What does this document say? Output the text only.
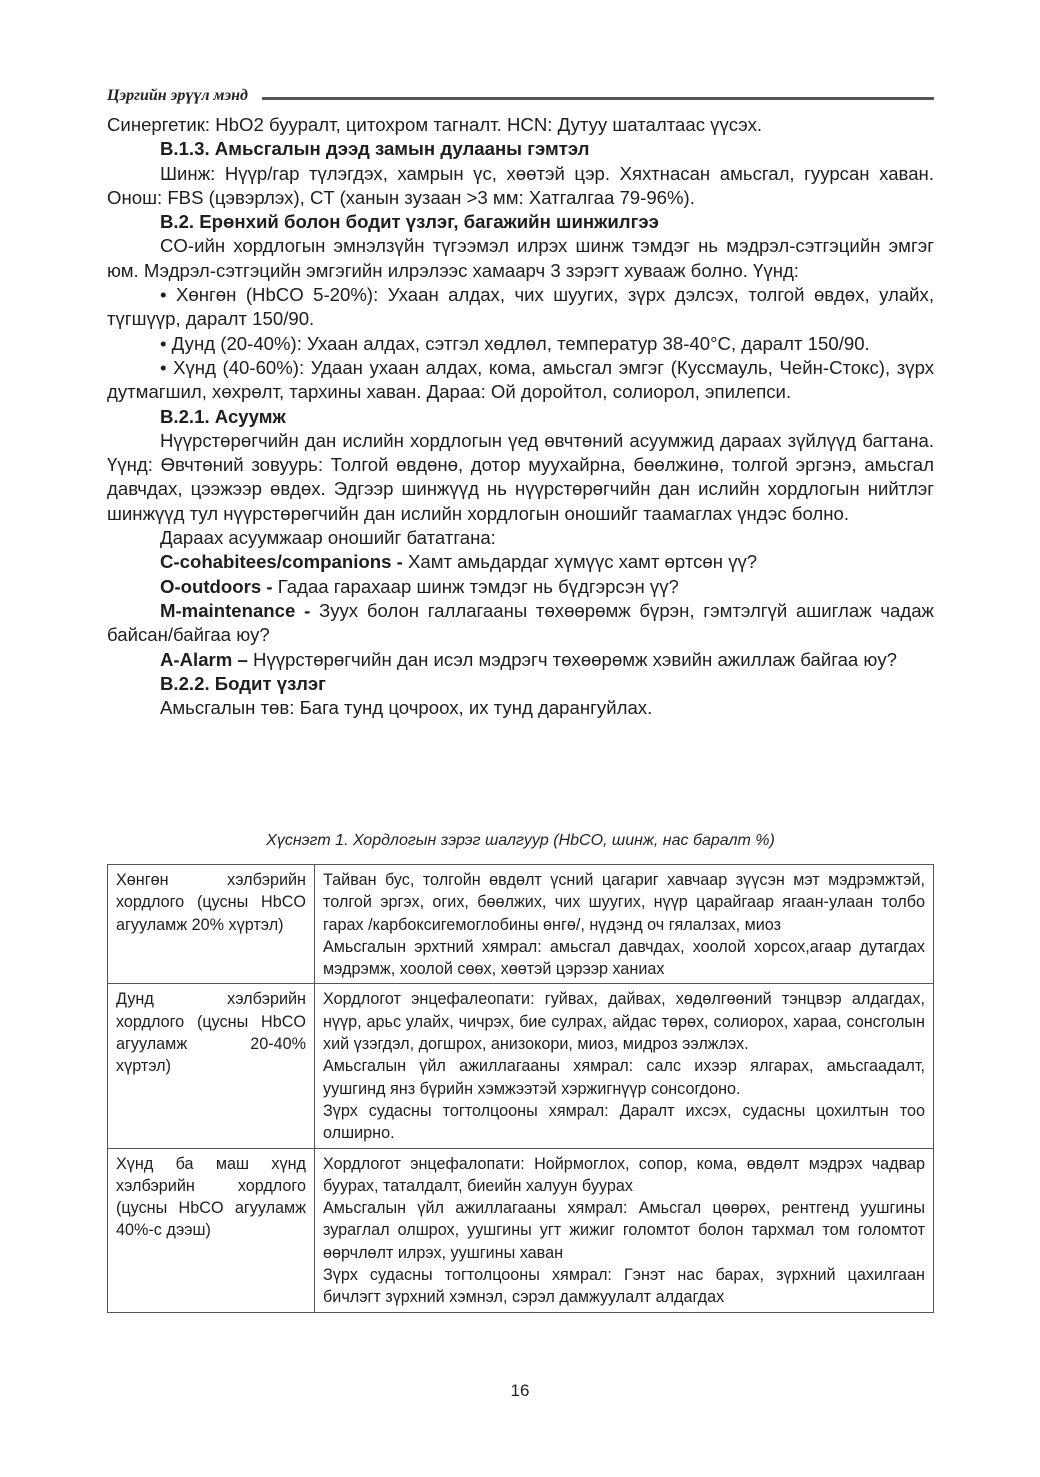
Цэргийн эрүүл мэнд

Синергетик: HbO2 буурaлт, цитохром тагналт. HCN: Дутуу шаталтаас үүсэх.

B.1.3. Амьсгалын дээд замын дулааны гэмтэл

Шинж: Нүүр/гар түлэгдэх, хамрын үс, хөөтэй цэр. Хяхтнасан амьсгал, гуурсан хаван. Онош: FBS (цэвэрлэх), CT (ханын зузаан >3 мм: Хатгалгаа 79-96%).

B.2. Ерөнхий болон бодит үзлэг, багажийн шинжилгээ

CO-ийн хордлогын эмнэлзүйн түгээмэл илрэх шинж тэмдэг нь мэдрэл-сэтгэцийн эмгэг юм. Мэдрэл-сэтгэцийн эмгэгийн илрэлээс хамаарч 3 зэрэгт хуваaж болно. Үүнд:

• Хөнгөн (HbCO 5-20%): Ухаан алдах, чих шуугих, зүрх дэлсэх, толгой өвдөх, улайх, түгшүүр, даралт 150/90.

• Дунд (20-40%): Ухаан алдах, сэтгэл хөдлөл, температур 38-40°C, даралт 150/90.

• Хүнд (40-60%): Удаан ухаан алдах, кома, амьсгал эмгэг (Куссмауль, Чейн-Стокс), зүрх дутмагшил, хөхрөлт, тархины хаван. Дараа: Ой доройтол, солиорол, эпилепси.

B.2.1. Асуумж

Нүүрстөрөгчийн дан ислийн хордлогын үед өвчтөний асуумжид дараах зүйлүүд багтана. Үүнд: Өвчтөний зовуурь: Толгой өвдөнө, дотор муухайрна, бөөлжинө, толгой эргэнэ, амьсгал давчдах, цээжээр өвдөх. Эдгээр шинжүүд нь нүүрстөрөгчийн дан ислийн хордлогын нийтлэг шинжүүд тул нүүрстөрөгчийн дан ислийн хордлогын оношийг таамаглах үндэс болно.

Дараах асуумжаар оношийг бататгана:

C-cohabitees/companions - Хамт амьдардаг хүмүүс хамт өртсөн үү?

O-outdoors - Гадаа гарахаар шинж тэмдэг нь бүдгэрсэн үү?

M-maintenance - Зуух болон галлагааны төхөөрөмж бүрэн, гэмтэлгүй ашиглаж чадаж байсан/байгаа юу?

A-Alarm – Нүүрстөрөгчийн дан исэл мэдрэгч төхөөрөмж хэвийн ажиллаж байгаа юу?

B.2.2. Бодит үзлэг

Амьсгалын төв: Бага тунд цочроох, их тунд дарангуйлах.

Хүснэгт 1. Хордлогын зэрэг шалгуур (HbCO, шинж, нас баралт %)
Хөнгөн хэлбэрийн хордлого (цусны HbCO агууламж 20% хүртэл)	Тайван бус, толгойн өвдөлт үсний цагариг хавчаар зүүсэн мэт мэдрэмжтэй, толгой эргэх, огих, бөөлжих, чих шуугих, нүүр царайгаар ягаан-улаан толбо гарах /карбоксигемоглобины өнгө/, нүдэнд оч гялалзах, миоз
Амьсгалын эрхтний хямрал: амьсгал давчдах, хоолой хорсох,агаар дутагдах мэдрэмж, хоолой сөөх, хөөтэй цэрээр ханиах

Дунд хэлбэрийн хордлого (цусны HbCO агууламж 20-40% хүртэл)	Хордлогот энцефалеопати: гуйвах, дайвах, хөдөлгөөний тэнцвэр алдагдах, нүүр, арьс улайх, чичрэх, бие сулрах, айдас төрөх, солиорох, хараа, сонсголын хий үзэгдэл, догшрох, анизокори, миоз, мидроз ээлжлэх.
Амьсгалын үйл ажиллагааны хямрал: салс ихээр ялгарах, амьсгаадалт, уушгинд янз бүрийн хэмжээтэй хэржигнүүр сонсогдоно.
Зүрх судасны тогтолцооны хямрал: Даралт ихсэх, судасны цохилтын тоо олширно.

Хүнд ба маш хүнд хэлбэрийн хордлого (цусны HbCO агууламж 40%-с дээш)	Хордлогот энцефалопати: Нойрмоглох, сопор, кома, өвдөлт мэдрэх чадвар буурах, таталдалт, биеийн халуун буурах
Амьсгалын үйл ажиллагааны хямрал: Амьсгал цөөрөх, рентгенд уушгины зураглал олшрох, уушгины угт жижиг голомтот болон тархмал том голомтот өөрчлөлт илрэх, уушгины хаван
Зүрх судасны тогтолцооны хямрал: Гэнэт нас барах, зүрхний цахилгаан бичлэгт зүрхний хэмнэл, сэрэл дамжуулалт алдагдах
16
